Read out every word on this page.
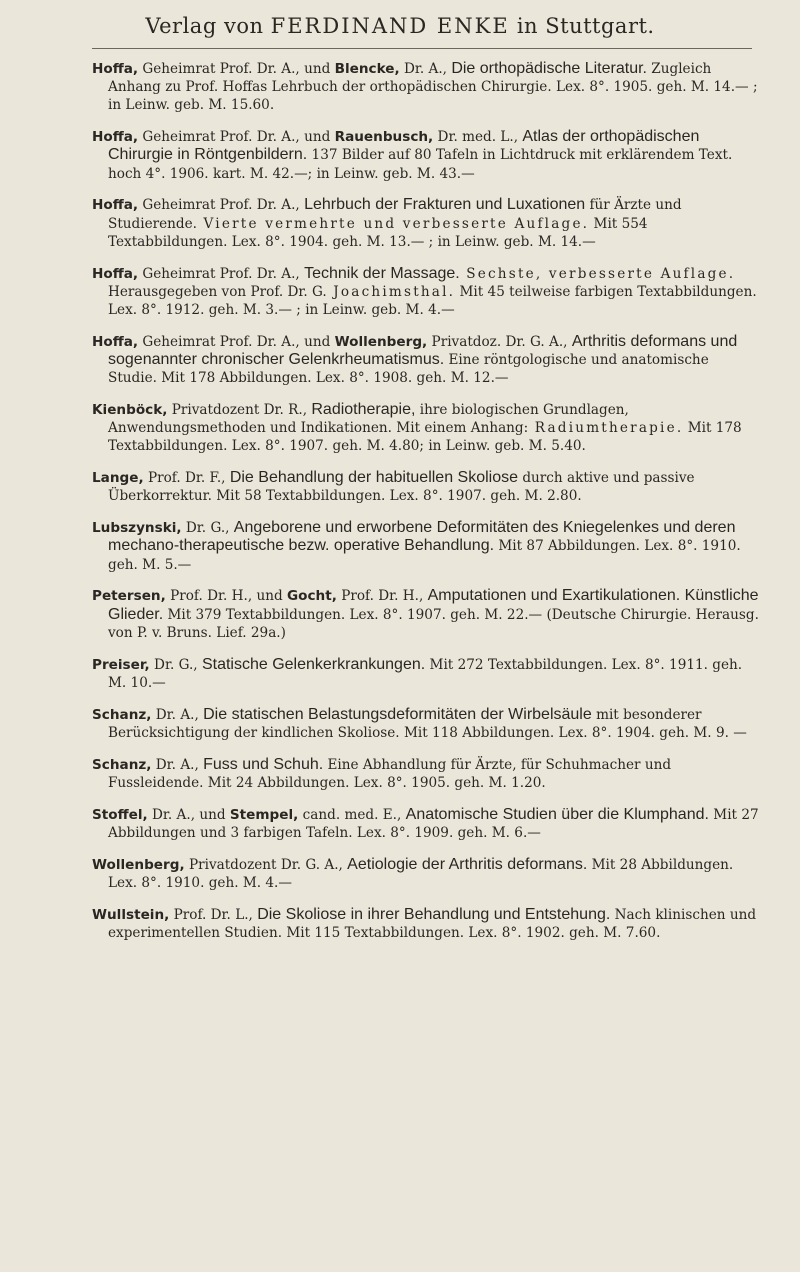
Verlag von FERDINAND ENKE in Stuttgart.

Hoffa, Geheimrat Prof. Dr. A., und Blencke, Dr. A., Die orthopädische Literatur. Zugleich Anhang zu Prof. Hoffas Lehrbuch der orthopädischen Chirurgie. Lex. 8°. 1905. geh. M. 14.— ; in Leinw. geb. M. 15.60.

Hoffa, Geheimrat Prof. Dr. A., und Rauenbusch, Dr. med. L., Atlas der orthopädischen Chirurgie in Röntgenbildern. 137 Bilder auf 80 Tafeln in Lichtdruck mit erklärendem Text. hoch 4°. 1906. kart. M. 42.—; in Leinw. geb. M. 43.—

Hoffa, Geheimrat Prof. Dr. A., Lehrbuch der Frakturen und Luxationen für Ärzte und Studierende. Vierte vermehrte und verbesserte Auflage. Mit 554 Textabbildungen. Lex. 8°. 1904. geh. M. 13.— ; in Leinw. geb. M. 14.—

Hoffa, Geheimrat Prof. Dr. A., Technik der Massage. Sechste, verbesserte Auflage. Herausgegeben von Prof. Dr. G. Joachimsthal. Mit 45 teilweise farbigen Textabbildungen. Lex. 8°. 1912. geh. M. 3.— ; in Leinw. geb. M. 4.—

Hoffa, Geheimrat Prof. Dr. A., und Wollenberg, Privatdoz. Dr. G. A., Arthritis deformans und sogenannter chronischer Gelenkrheumatismus. Eine röntgologische und anatomische Studie. Mit 178 Abbildungen. Lex. 8°. 1908. geh. M. 12.—

Kienböck, Privatdozent Dr. R., Radiotherapie, ihre biologischen Grundlagen, Anwendungsmethoden und Indikationen. Mit einem Anhang: Radiumtherapie. Mit 178 Textabbildungen. Lex. 8°. 1907. geh. M. 4.80; in Leinw. geb. M. 5.40.

Lange, Prof. Dr. F., Die Behandlung der habituellen Skoliose durch aktive und passive Überkorrektur. Mit 58 Textabbildungen. Lex. 8°. 1907. geh. M. 2.80.

Lubszynski, Dr. G., Angeborene und erworbene Deformitäten des Kniegelenkes und deren mechano-therapeutische bezw. operative Behandlung. Mit 87 Abbildungen. Lex. 8°. 1910. geh. M. 5.—

Petersen, Prof. Dr. H., und Gocht, Prof. Dr. H., Amputationen und Exartikulationen. Künstliche Glieder. Mit 379 Textabbildungen. Lex. 8°. 1907. geh. M. 22.— (Deutsche Chirurgie. Herausg. von P. v. Bruns. Lief. 29a.)

Preiser, Dr. G., Statische Gelenkerkrankungen. Mit 272 Textabbildungen. Lex. 8°. 1911. geh. M. 10.—

Schanz, Dr. A., Die statischen Belastungsdeformitäten der Wirbelsäule mit besonderer Berücksichtigung der kindlichen Skoliose. Mit 118 Abbildungen. Lex. 8°. 1904. geh. M. 9. —

Schanz, Dr. A., Fuss und Schuh. Eine Abhandlung für Ärzte, für Schuhmacher und Fussleidende. Mit 24 Abbildungen. Lex. 8°. 1905. geh. M. 1.20.

Stoffel, Dr. A., und Stempel, cand. med. E., Anatomische Studien über die Klumphand. Mit 27 Abbildungen und 3 farbigen Tafeln. Lex. 8°. 1909. geh. M. 6.—

Wollenberg, Privatdozent Dr. G. A., Aetiologie der Arthritis deformans. Mit 28 Abbildungen. Lex. 8°. 1910. geh. M. 4.—

Wullstein, Prof. Dr. L., Die Skoliose in ihrer Behandlung und Entstehung. Nach klinischen und experimentellen Studien. Mit 115 Textabbildungen. Lex. 8°. 1902. geh. M. 7.60.
